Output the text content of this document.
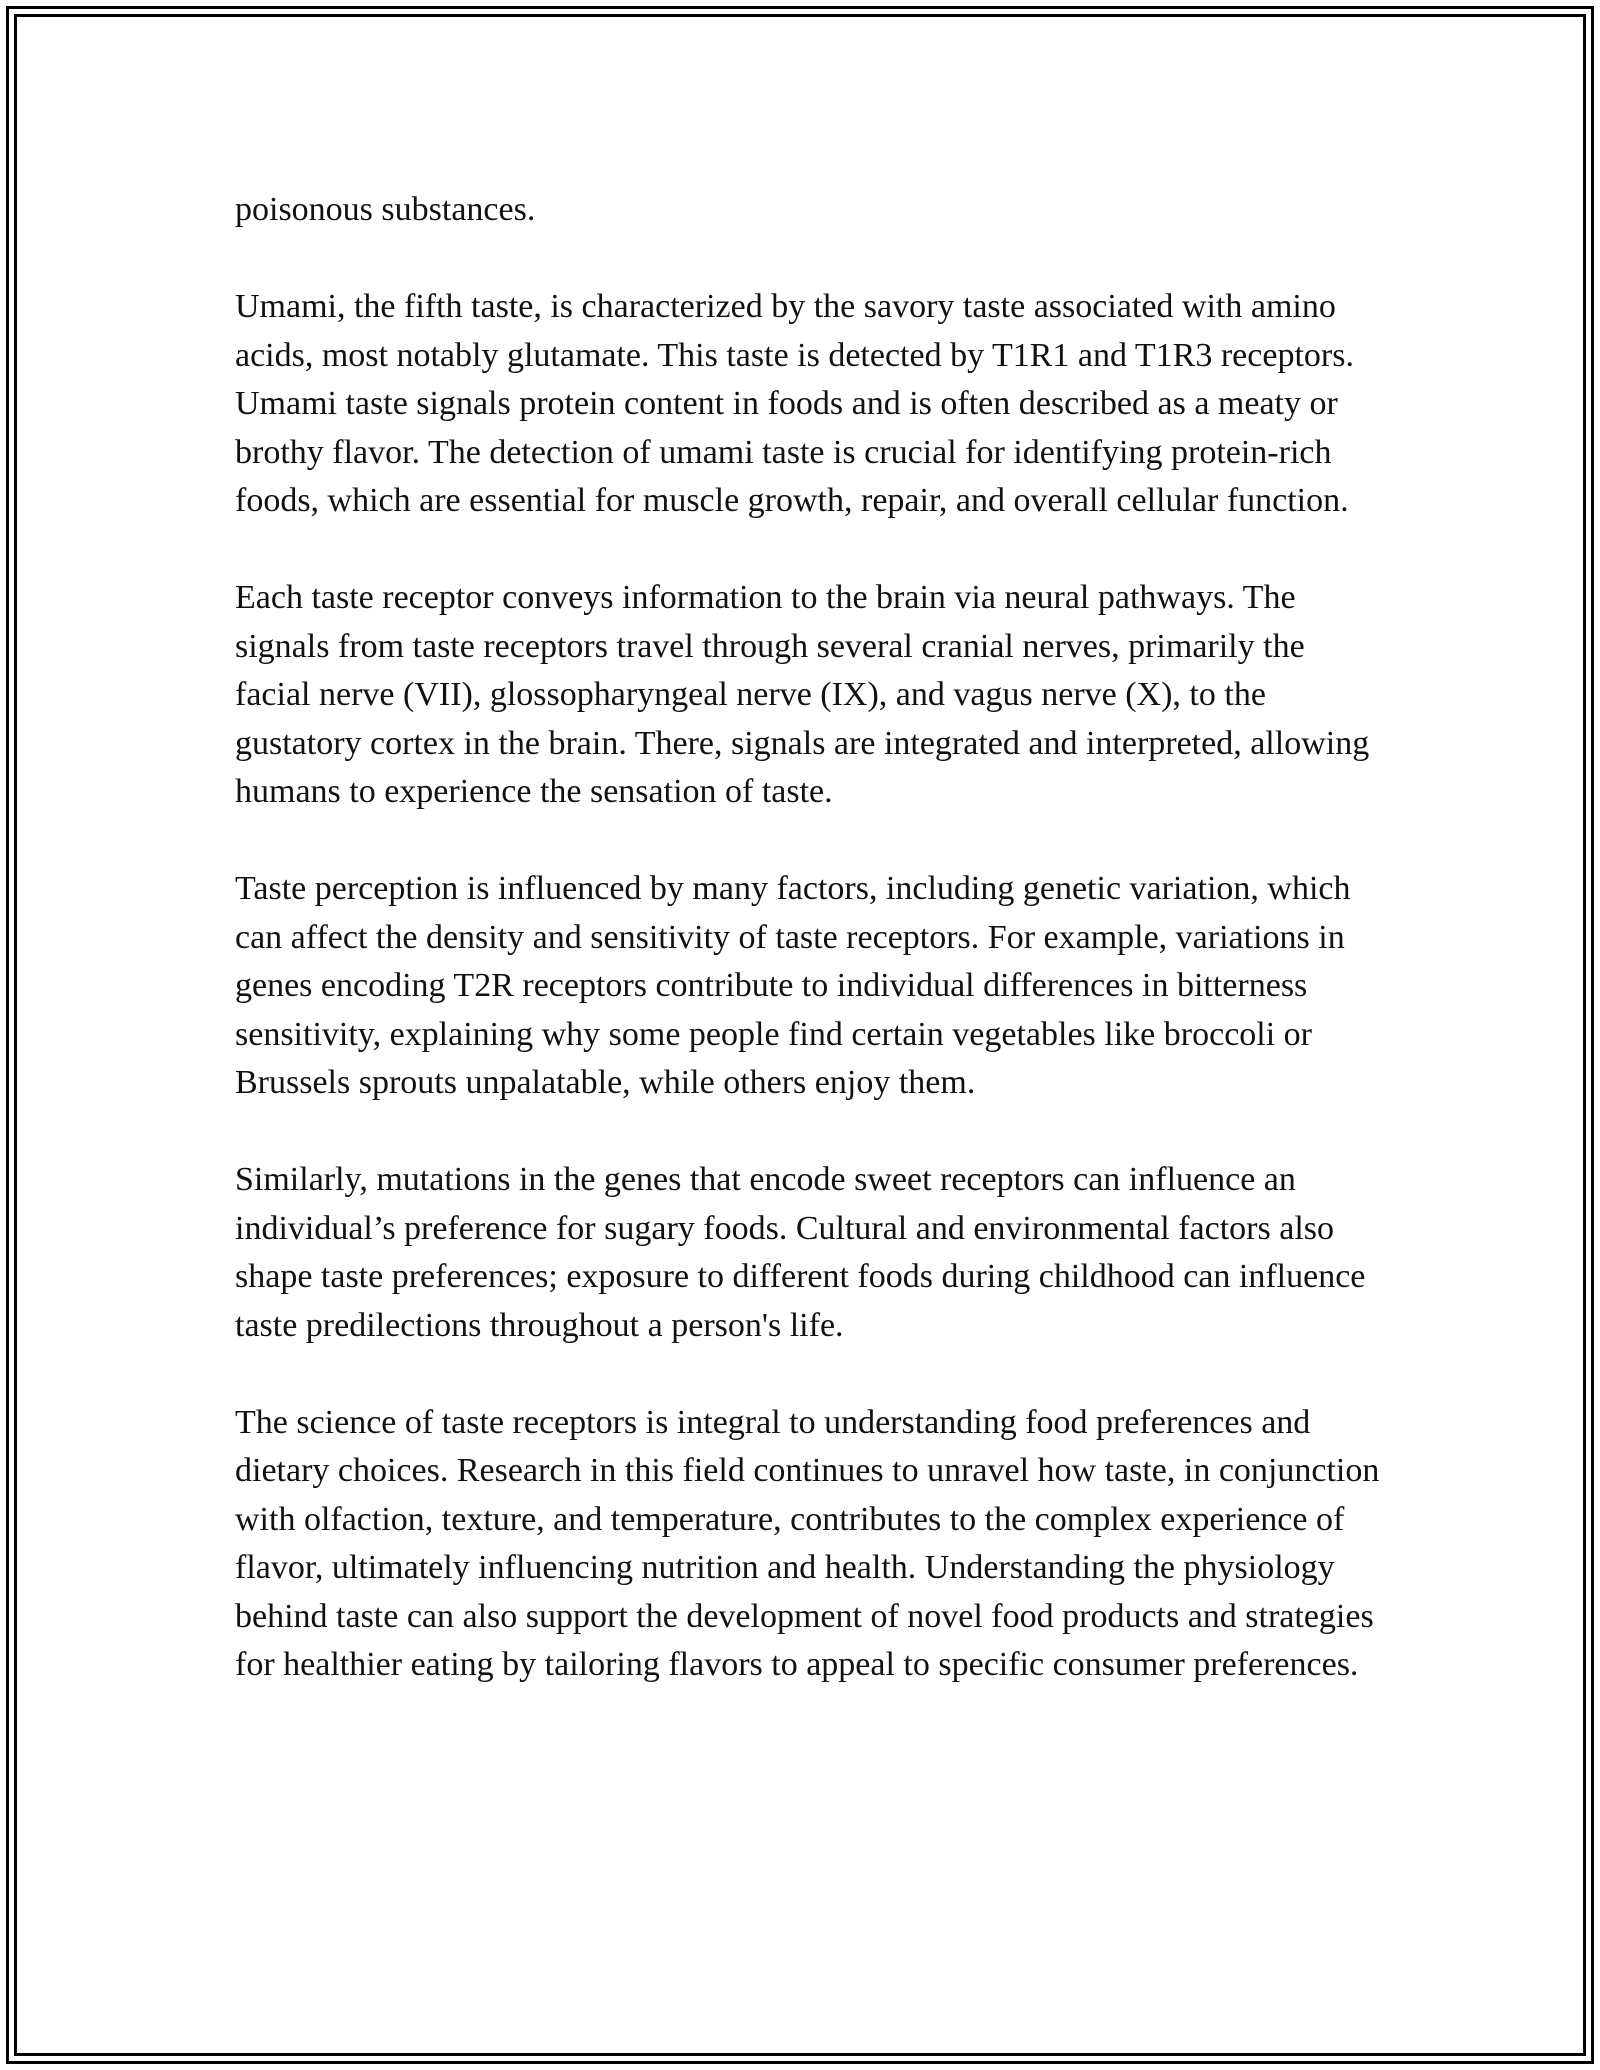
poisonous substances.

Umami, the fifth taste, is characterized by the savory taste associated with amino acids, most notably glutamate. This taste is detected by T1R1 and T1R3 receptors. Umami taste signals protein content in foods and is often described as a meaty or brothy flavor. The detection of umami taste is crucial for identifying protein-rich foods, which are essential for muscle growth, repair, and overall cellular function.

Each taste receptor conveys information to the brain via neural pathways. The signals from taste receptors travel through several cranial nerves, primarily the facial nerve (VII), glossopharyngeal nerve (IX), and vagus nerve (X), to the gustatory cortex in the brain. There, signals are integrated and interpreted, allowing humans to experience the sensation of taste.

Taste perception is influenced by many factors, including genetic variation, which can affect the density and sensitivity of taste receptors. For example, variations in genes encoding T2R receptors contribute to individual differences in bitterness sensitivity, explaining why some people find certain vegetables like broccoli or Brussels sprouts unpalatable, while others enjoy them.

Similarly, mutations in the genes that encode sweet receptors can influence an individual’s preference for sugary foods. Cultural and environmental factors also shape taste preferences; exposure to different foods during childhood can influence taste predilections throughout a person's life.

The science of taste receptors is integral to understanding food preferences and dietary choices. Research in this field continues to unravel how taste, in conjunction with olfaction, texture, and temperature, contributes to the complex experience of flavor, ultimately influencing nutrition and health. Understanding the physiology behind taste can also support the development of novel food products and strategies for healthier eating by tailoring flavors to appeal to specific consumer preferences.
